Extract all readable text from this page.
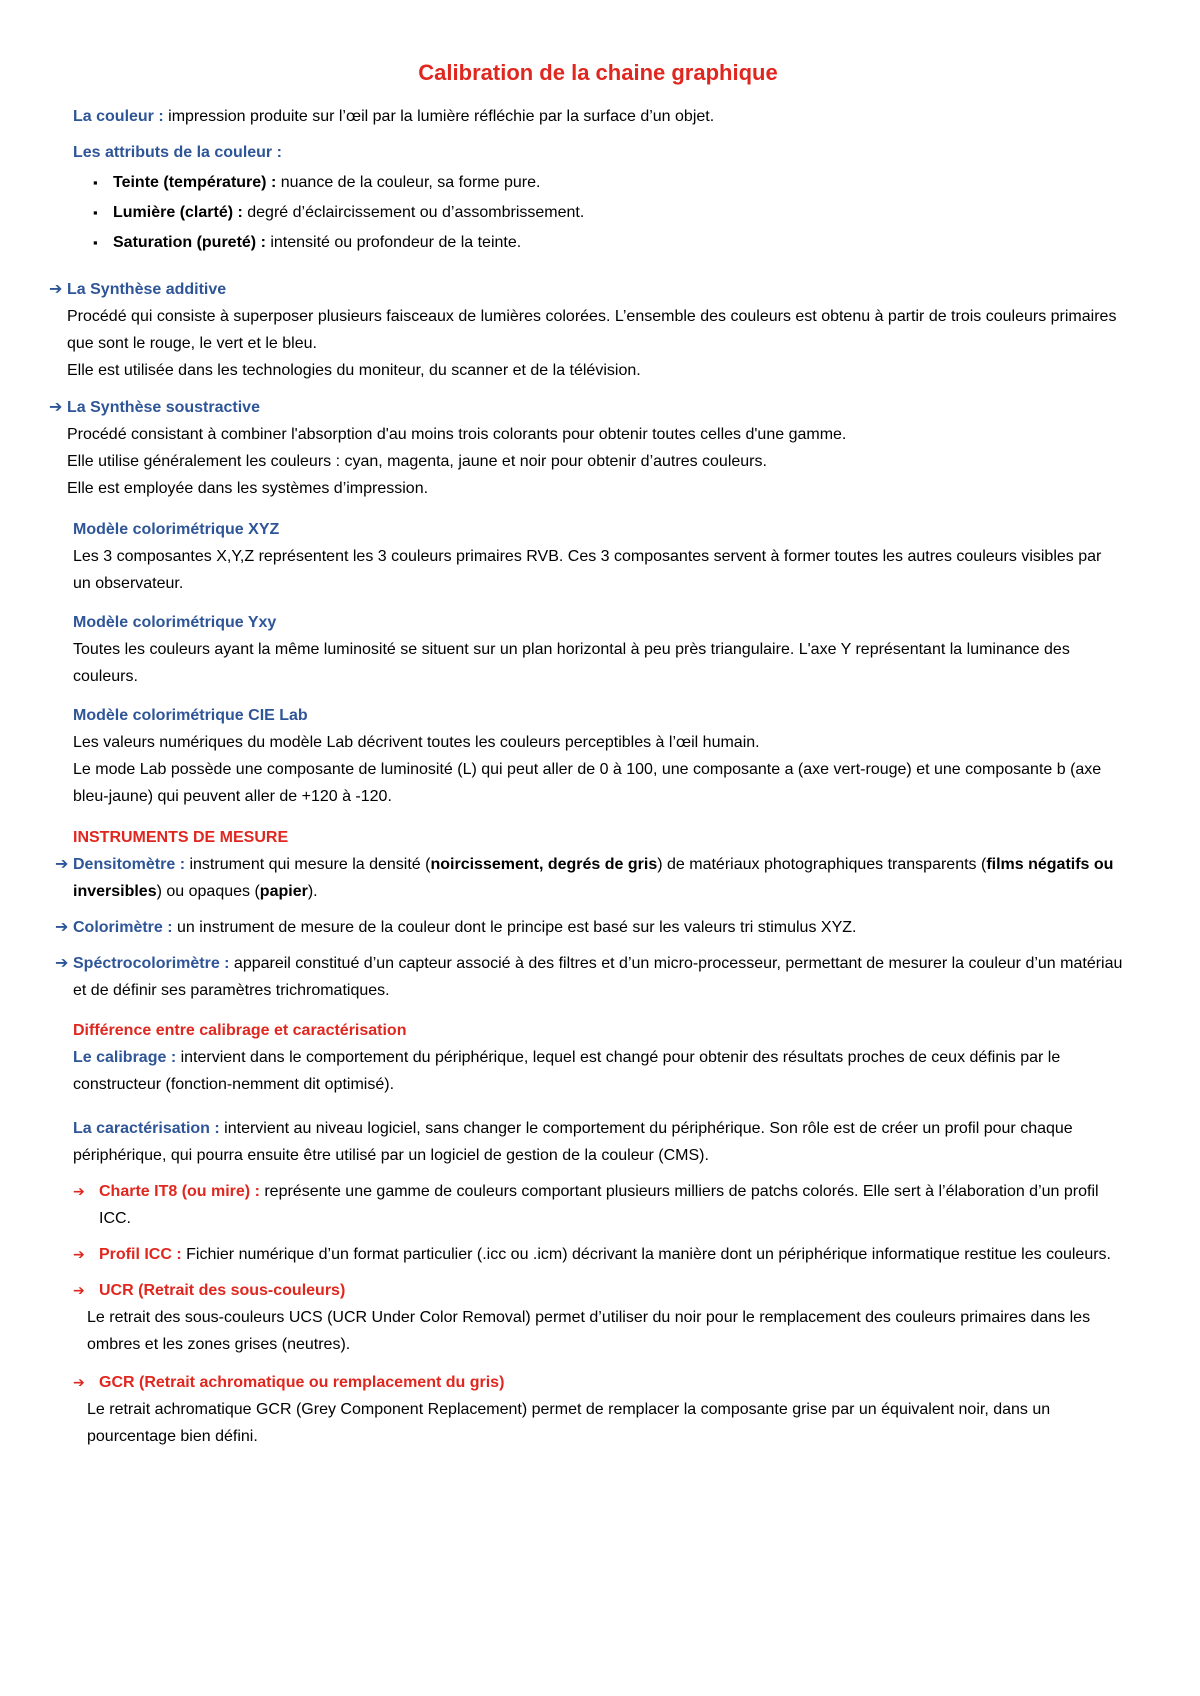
Calibration de la chaine graphique

La couleur : impression produite sur l’œil par la lumière réfléchie par la surface d’un objet.

Les attributs de la couleur :

▪ Teinte (température) : nuance de la couleur, sa forme pure.
▪ Lumière (clarté) : degré d’éclaircissement ou d’assombrissement.
▪ Saturation (pureté) : intensité ou profondeur de la teinte.
➔ La Synthèse additive

Procédé qui consiste à superposer plusieurs faisceaux de lumières colorées. L’ensemble des couleurs est obtenu à partir de trois couleurs primaires que sont le rouge, le vert et le bleu.

Elle est utilisée dans les technologies du moniteur, du scanner et de la télévision.

➔ La Synthèse soustractive

Procédé consistant à combiner l'absorption d'au moins trois colorants pour obtenir toutes celles d'une gamme.

Elle utilise généralement les couleurs : cyan, magenta, jaune et noir pour obtenir d’autres couleurs.

Elle est employée dans les systèmes d’impression.

Modèle colorimétrique XYZ

Les 3 composantes X,Y,Z représentent les 3 couleurs primaires RVB. Ces 3 composantes servent à former toutes les autres couleurs visibles par un observateur.

Modèle colorimétrique Yxy

Toutes les couleurs ayant la même luminosité se situent sur un plan horizontal à peu près triangulaire. L'axe Y représentant la luminance des couleurs.

Modèle colorimétrique CIE Lab

Les valeurs numériques du modèle Lab décrivent toutes les couleurs perceptibles à l’œil humain.

Le mode Lab possède une composante de luminosité (L) qui peut aller de 0 à 100, une composante a (axe vert-rouge) et une composante b (axe bleu-jaune) qui peuvent aller de +120 à -120.

INSTRUMENTS DE MESURE

➔ Densitomètre : instrument qui mesure la densité (noircissement, degrés de gris) de matériaux photographiques transparents (films négatifs ou inversibles) ou opaques (papier).

➔ Colorimètre : un instrument de mesure de la couleur dont le principe est basé sur les valeurs tri stimulus XYZ.

➔ Spéctrocolorimètre : appareil constitué d’un capteur associé à des filtres et d’un micro-processeur, permettant de mesurer la couleur d’un matériau et de définir ses paramètres trichromatiques.

Différence entre calibrage et caractérisation

Le calibrage : intervient dans le comportement du périphérique, lequel est changé pour obtenir des résultats proches de ceux définis par le constructeur (fonction-nemment dit optimisé).

La caractérisation : intervient au niveau logiciel, sans changer le comportement du périphérique. Son rôle est de créer un profil pour chaque périphérique, qui pourra ensuite être utilisé par un logiciel de gestion de la couleur (CMS).

➔ Charte IT8 (ou mire) : représente une gamme de couleurs comportant plusieurs milliers de patchs colorés. Elle sert à l’élaboration d’un profil ICC.

➔ Profil ICC : Fichier numérique d’un format particulier (.icc ou .icm) décrivant la manière dont un périphérique informatique restitue les couleurs.

➔ UCR (Retrait des sous-couleurs)

Le retrait des sous-couleurs UCS (UCR Under Color Removal) permet d’utiliser du noir pour le remplacement des couleurs primaires dans les ombres et les zones grises (neutres).

➔ GCR (Retrait achromatique ou remplacement du gris)

Le retrait achromatique GCR (Grey Component Replacement) permet de remplacer la composante grise par un équivalent noir, dans un pourcentage bien défini.
